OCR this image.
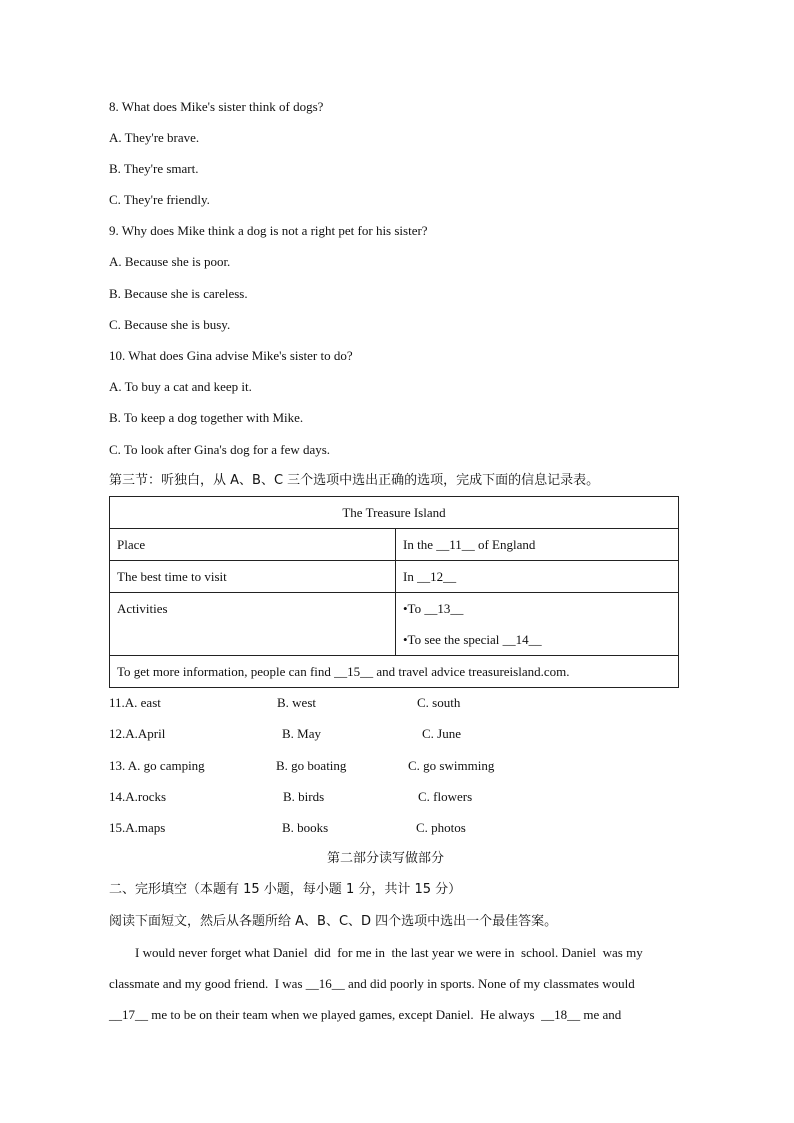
8. What does Mike's sister think of dogs?
A. They're brave.
B. They're smart.
C. They're friendly.
9. Why does Mike think a dog is not a right pet for his sister?
A. Because she is poor.
B. Because she is careless.
C. Because she is busy.
10. What does Gina advise Mike's sister to do?
A. To buy a cat and keep it.
B. To keep a dog together with Mike.
C. To look after Gina's dog for a few days.
第三节：听独白，从 A、B、C 三个选项中选出正确的选项，完成下面的信息记录表。
The Treasure Island	
Place	In the __11__ of England
The best time to visit	In __12__
Activities	•To __13__
•To see the special __14__

To get more information, people can find __15__ and travel advice treasureisland.com.	
11.A. east	B. west	C. south
12.A.April	B. May	C. June
13. A. go camping	B. go boating	C. go swimming
14.A.rocks	B. birds	C. flowers
15.A.maps	B. books	C. photos
第二部分读写做部分
二、完形填空（本题有 15 小题，每小题 1 分，共计 15 分）
阅读下面短文，然后从各题所给 A、B、C、D 四个选项中选出一个最佳答案。
I would never forget what Daniel  did  for me in  the last year we were in  school. Daniel  was my
classmate and my good friend.  I was __16__ and did poorly in sports. None of my classmates would
__17__ me to be on their team when we played games, except Daniel.  He always  __18__ me and
